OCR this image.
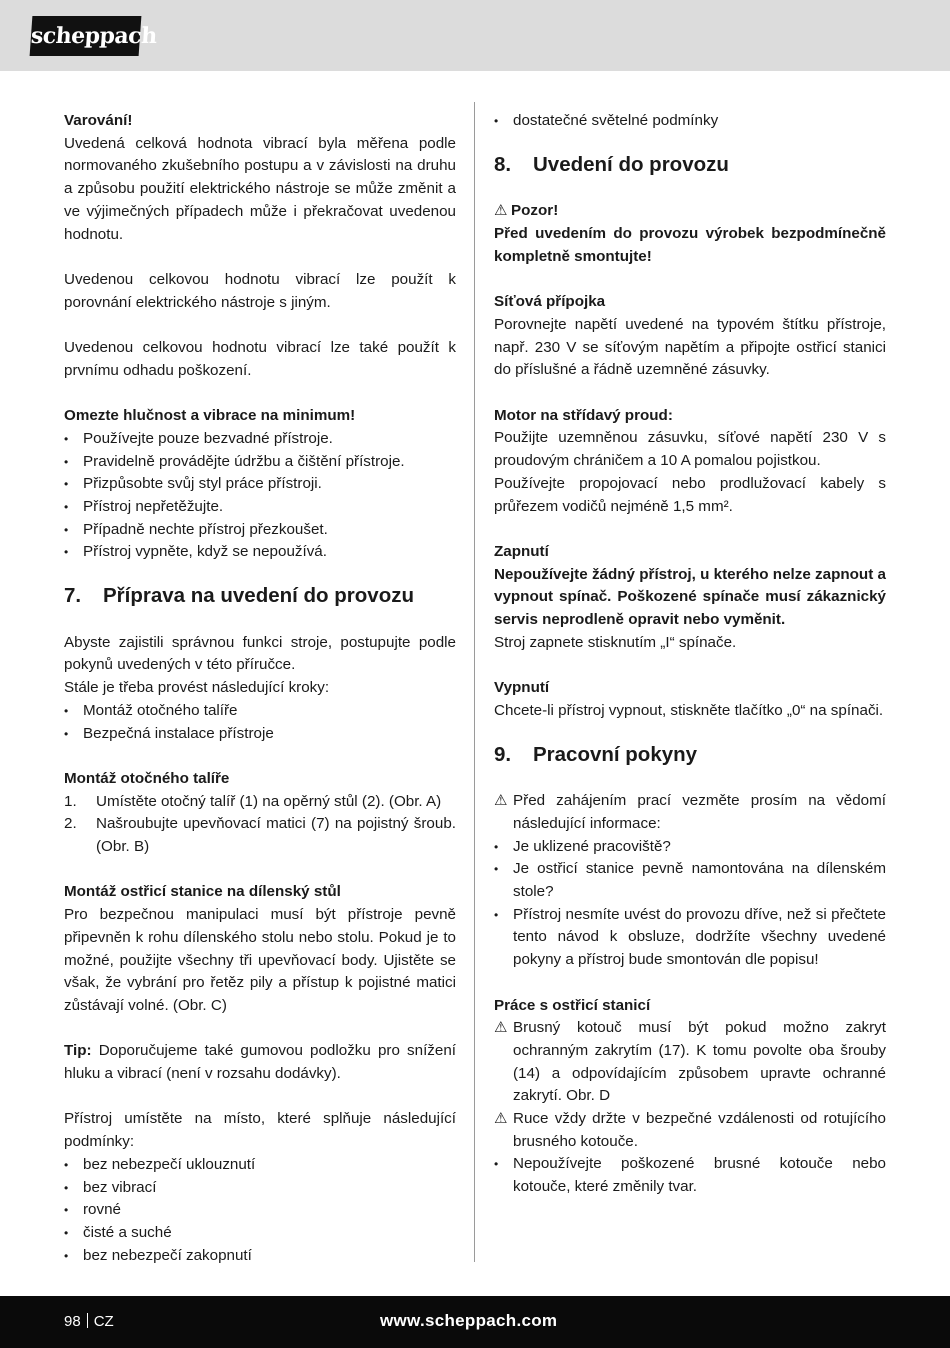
scheppach

Varování!

Uvedená celková hodnota vibrací byla měřena podle normovaného zkušebního postupu a v závislosti na druhu a způsobu použití elektrického nástroje se může změnit a ve výjimečných případech může i překračovat uvedenou hodnotu.

Uvedenou celkovou hodnotu vibrací lze použít k porovnání elektrického nástroje s jiným.

Uvedenou celkovou hodnotu vibrací lze také použít k prvnímu odhadu poškození.

Omezte hlučnost a vibrace na minimum!

• Používejte pouze bezvadné přístroje.
• Pravidelně provádějte údržbu a čištění přístroje.
• Přizpůsobte svůj styl práce přístroji.
• Přístroj nepřetěžujte.
• Případně nechte přístroj přezkoušet.
• Přístroj vypněte, když se nepoužívá.
7.	Příprava na uvedení do provozu

Abyste zajistili správnou funkci stroje, postupujte podle pokynů uvedených v této příručce.

Stále je třeba provést následující kroky:

• Montáž otočného talíře
• Bezpečná instalace přístroje

Montáž otočného talíře

1. Umístěte otočný talíř (1) na opěrný stůl (2). (Obr. A)
2. Našroubujte upevňovací matici (7) na pojistný šroub. (Obr. B)

Montáž ostřicí stanice na dílenský stůl

Pro bezpečnou manipulaci musí být přístroje pevně připevněn k rohu dílenského stolu nebo stolu. Pokud je to možné, použijte všechny tři upevňovací body. Ujistěte se však, že vybrání pro řetěz pily a přístup k pojistné matici zůstávají volné. (Obr. C)

Tip: Doporučujeme také gumovou podložku pro snížení hluku a vibrací (není v rozsahu dodávky).

Přístroj umístěte na místo, které splňuje následující podmínky:

• bez nebezpečí uklouznutí
• bez vibrací
• rovné
• čisté a suché
• bez nebezpečí zakopnutí
• dostatečné světelné podmínky
8.	Uvedení do provozu

⚠ Pozor!

Před uvedením do provozu výrobek bezpodmínečně kompletně smontujte!

Síťová přípojka

Porovnejte napětí uvedené na typovém štítku přístroje, např. 230 V se síťovým napětím a připojte ostřicí stanici do příslušné a řádně uzemněné zásuvky.

Motor na střídavý proud:

Použijte uzemněnou zásuvku, síťové napětí 230 V s proudovým chráničem a 10 A pomalou pojistkou.

Používejte propojovací nebo prodlužovací kabely s průřezem vodičů nejméně 1,5 mm².

Zapnutí

Nepoužívejte žádný přístroj, u kterého nelze zapnout a vypnout spínač. Poškozené spínače musí zákaznický servis neprodleně opravit nebo vyměnit.

Stroj zapnete stisknutím „I“ spínače.

Vypnutí

Chcete-li přístroj vypnout, stiskněte tlačítko „0“ na spínači.

9.	Pracovní pokyny

⚠ Před zahájením prací vezměte prosím na vědomí následující informace:

• Je uklizené pracoviště?
• Je ostřicí stanice pevně namontována na dílenském stole?
• Přístroj nesmíte uvést do provozu dříve, než si přečtete tento návod k obsluze, dodržíte všechny uvedené pokyny a přístroj bude smontován dle popisu!

Práce s ostřicí stanicí

⚠ Brusný kotouč musí být pokud možno zakryt ochranným zakrytím (17). K tomu povolte oba šrouby (14) a odpovídajícím způsobem upravte ochranné zakrytí. Obr. D

⚠ Ruce vždy držte v bezpečné vzdálenosti od rotujícího brusného kotouče.

• Nepoužívejte poškozené brusné kotouče nebo kotouče, které změnily tvar.
98 CZ	www.scheppach.com
